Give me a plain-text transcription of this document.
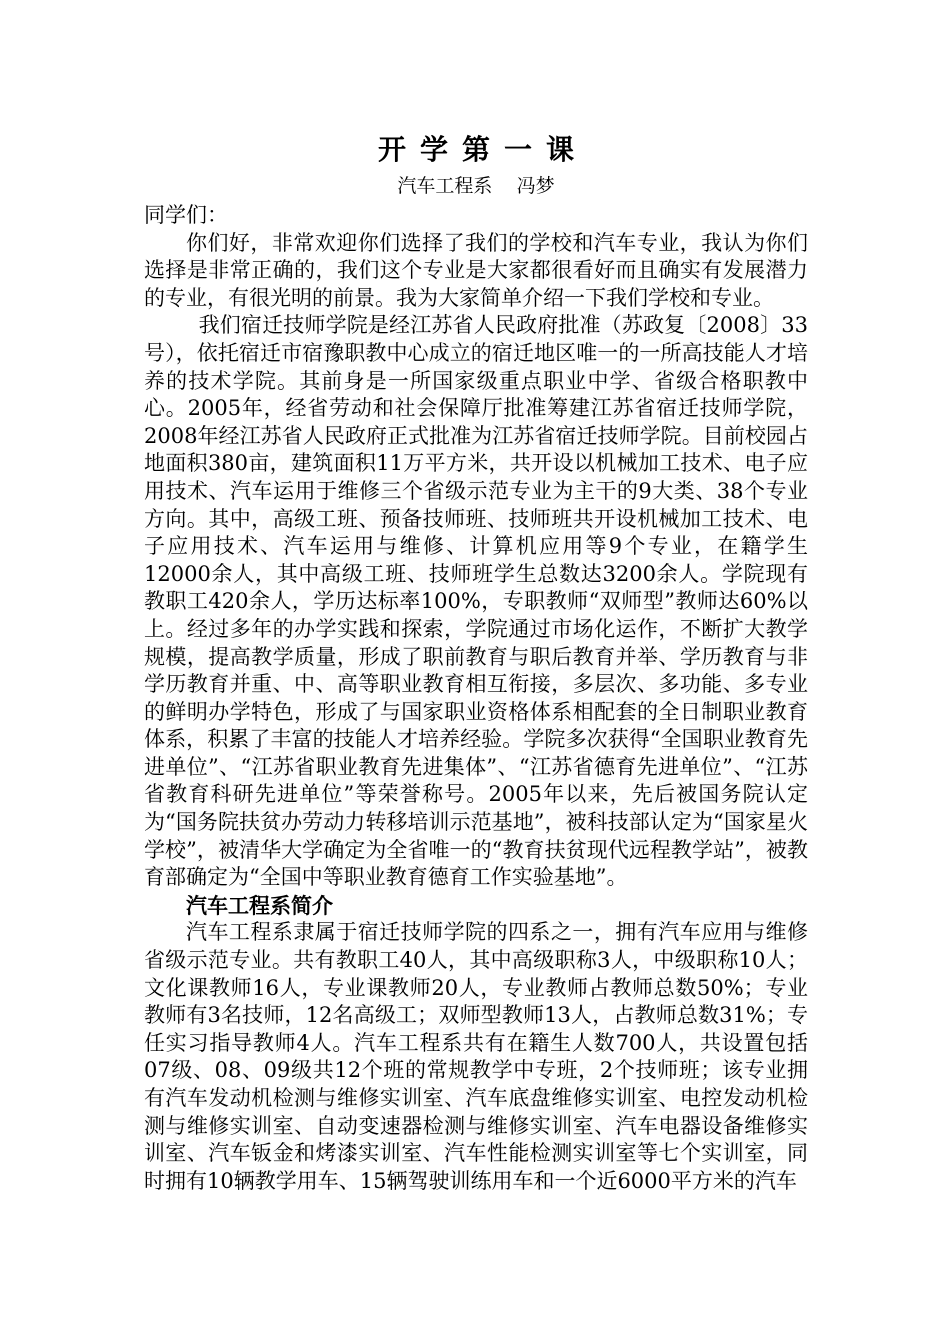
开学第一课

汽车工程系    冯梦

同学们：

你们好，非常欢迎你们选择了我们的学校和汽车专业，我认为你们选择是非常正确的，我们这个专业是大家都很看好而且确实有发展潜力的专业，有很光明的前景。我为大家简单介绍一下我们学校和专业。

我们宿迁技师学院是经江苏省人民政府批准（苏政复〔2008〕33号），依托宿迁市宿豫职教中心成立的宿迁地区唯一的一所高技能人才培养的技术学院。其前身是一所国家级重点职业中学、省级合格职教中心。2005年，经省劳动和社会保障厅批准筹建江苏省宿迁技师学院，2008年经江苏省人民政府正式批准为江苏省宿迁技师学院。目前校园占地面积380亩，建筑面积11万平方米，共开设以机械加工技术、电子应用技术、汽车运用于维修三个省级示范专业为主干的9大类、38个专业方向。其中，高级工班、预备技师班、技师班共开设机械加工技术、电子应用技术、汽车运用与维修、计算机应用等9个专业，在籍学生12000余人，其中高级工班、技师班学生总数达3200余人。学院现有教职工420余人，学历达标率100%，专职教师“双师型”教师达60%以上。经过多年的办学实践和探索，学院通过市场化运作，不断扩大教学规模，提高教学质量，形成了职前教育与职后教育并举、学历教育与非学历教育并重、中、高等职业教育相互衔接，多层次、多功能、多专业的鲜明办学特色，形成了与国家职业资格体系相配套的全日制职业教育体系，积累了丰富的技能人才培养经验。学院多次获得“全国职业教育先进单位”、“江苏省职业教育先进集体”、“江苏省德育先进单位”、“江苏省教育科研先进单位”等荣誉称号。2005年以来，先后被国务院认定为“国务院扶贫办劳动力转移培训示范基地”，被科技部认定为“国家星火学校”，被清华大学确定为全省唯一的“教育扶贫现代远程教学站”，被教育部确定为“全国中等职业教育德育工作实验基地”。

汽车工程系简介

汽车工程系隶属于宿迁技师学院的四系之一，拥有汽车应用与维修省级示范专业。共有教职工40人，其中高级职称3人，中级职称10人；文化课教师16人，专业课教师20人，专业教师占教师总数50%；专业教师有3名技师，12名高级工；双师型教师13人，占教师总数31%；专任实习指导教师4人。汽车工程系共有在籍生人数700人，共设置包括07级、08、09级共12个班的常规教学中专班，2个技师班；该专业拥有汽车发动机检测与维修实训室、汽车底盘维修实训室、电控发动机检测与维修实训室、自动变速器检测与维修实训室、汽车电器设备维修实训室、汽车钣金和烤漆实训室、汽车性能检测实训室等七个实训室，同时拥有10辆教学用车、15辆驾驶训练用车和一个近6000平方米的汽车
